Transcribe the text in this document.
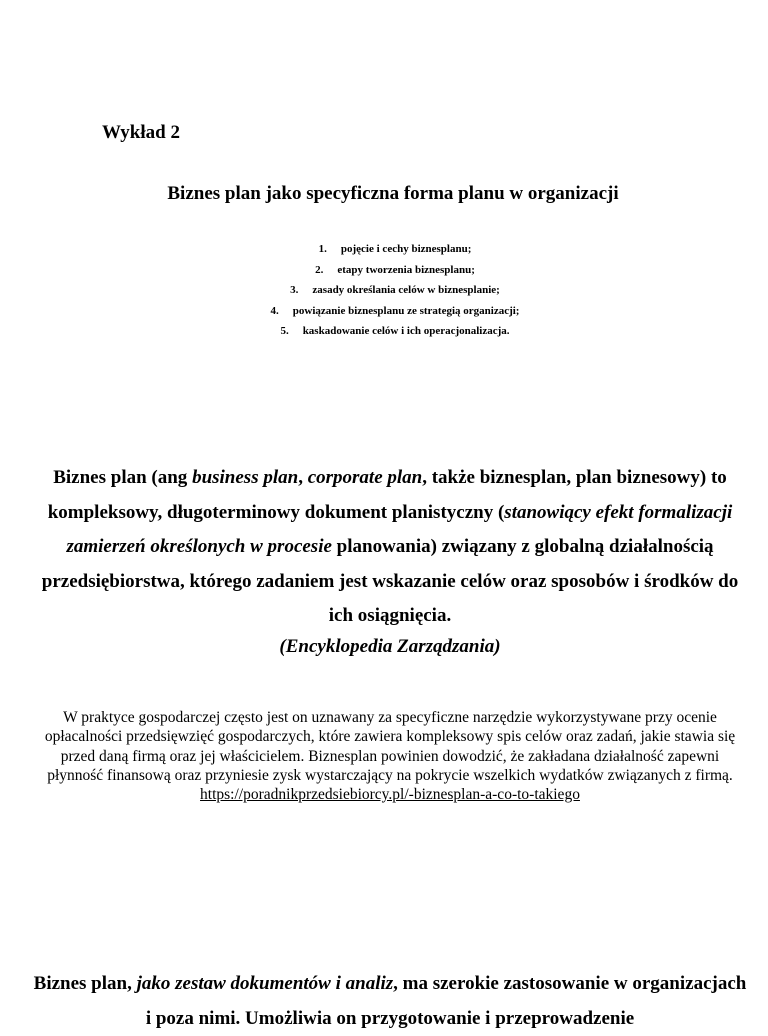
Wykład 2

Biznes plan jako specyficzna forma planu w organizacji
1. pojęcie i cechy biznesplanu;
2. etapy tworzenia biznesplanu;
3. zasady określania celów w biznesplanie;
4. powiązanie biznesplanu ze strategią organizacji;
5. kaskadowanie celów i ich operacjonalizacja.

Biznes plan (ang business plan, corporate plan, także biznesplan, plan biznesowy) to kompleksowy, długoterminowy dokument planistyczny (stanowiący efekt formalizacji zamierzeń określonych w procesie planowania) związany z globalną działalnością przedsiębiorstwa, którego zadaniem jest wskazanie celów oraz sposobów i środków do ich osiągnięcia.

(Encyklopedia Zarządzania)

W praktyce gospodarczej często jest on uznawany za specyficzne narzędzie wykorzystywane przy ocenie opłacalności przedsięwzięć gospodarczych, które zawiera kompleksowy spis celów oraz zadań, jakie stawia się przed daną firmą oraz jej właścicielem. Biznesplan powinien dowodzić, że zakładana działalność zapewni płynność finansową oraz przyniesie zysk wystarczający na pokrycie wszelkich wydatków związanych z firmą.
https://poradnikprzedsiebiorcy.pl/-biznesplan-a-co-to-takiego

Biznes plan, jako zestaw dokumentów i analiz, ma szerokie zastosowanie w organizacjach i poza nimi. Umożliwia on przygotowanie i przeprowadzenie
